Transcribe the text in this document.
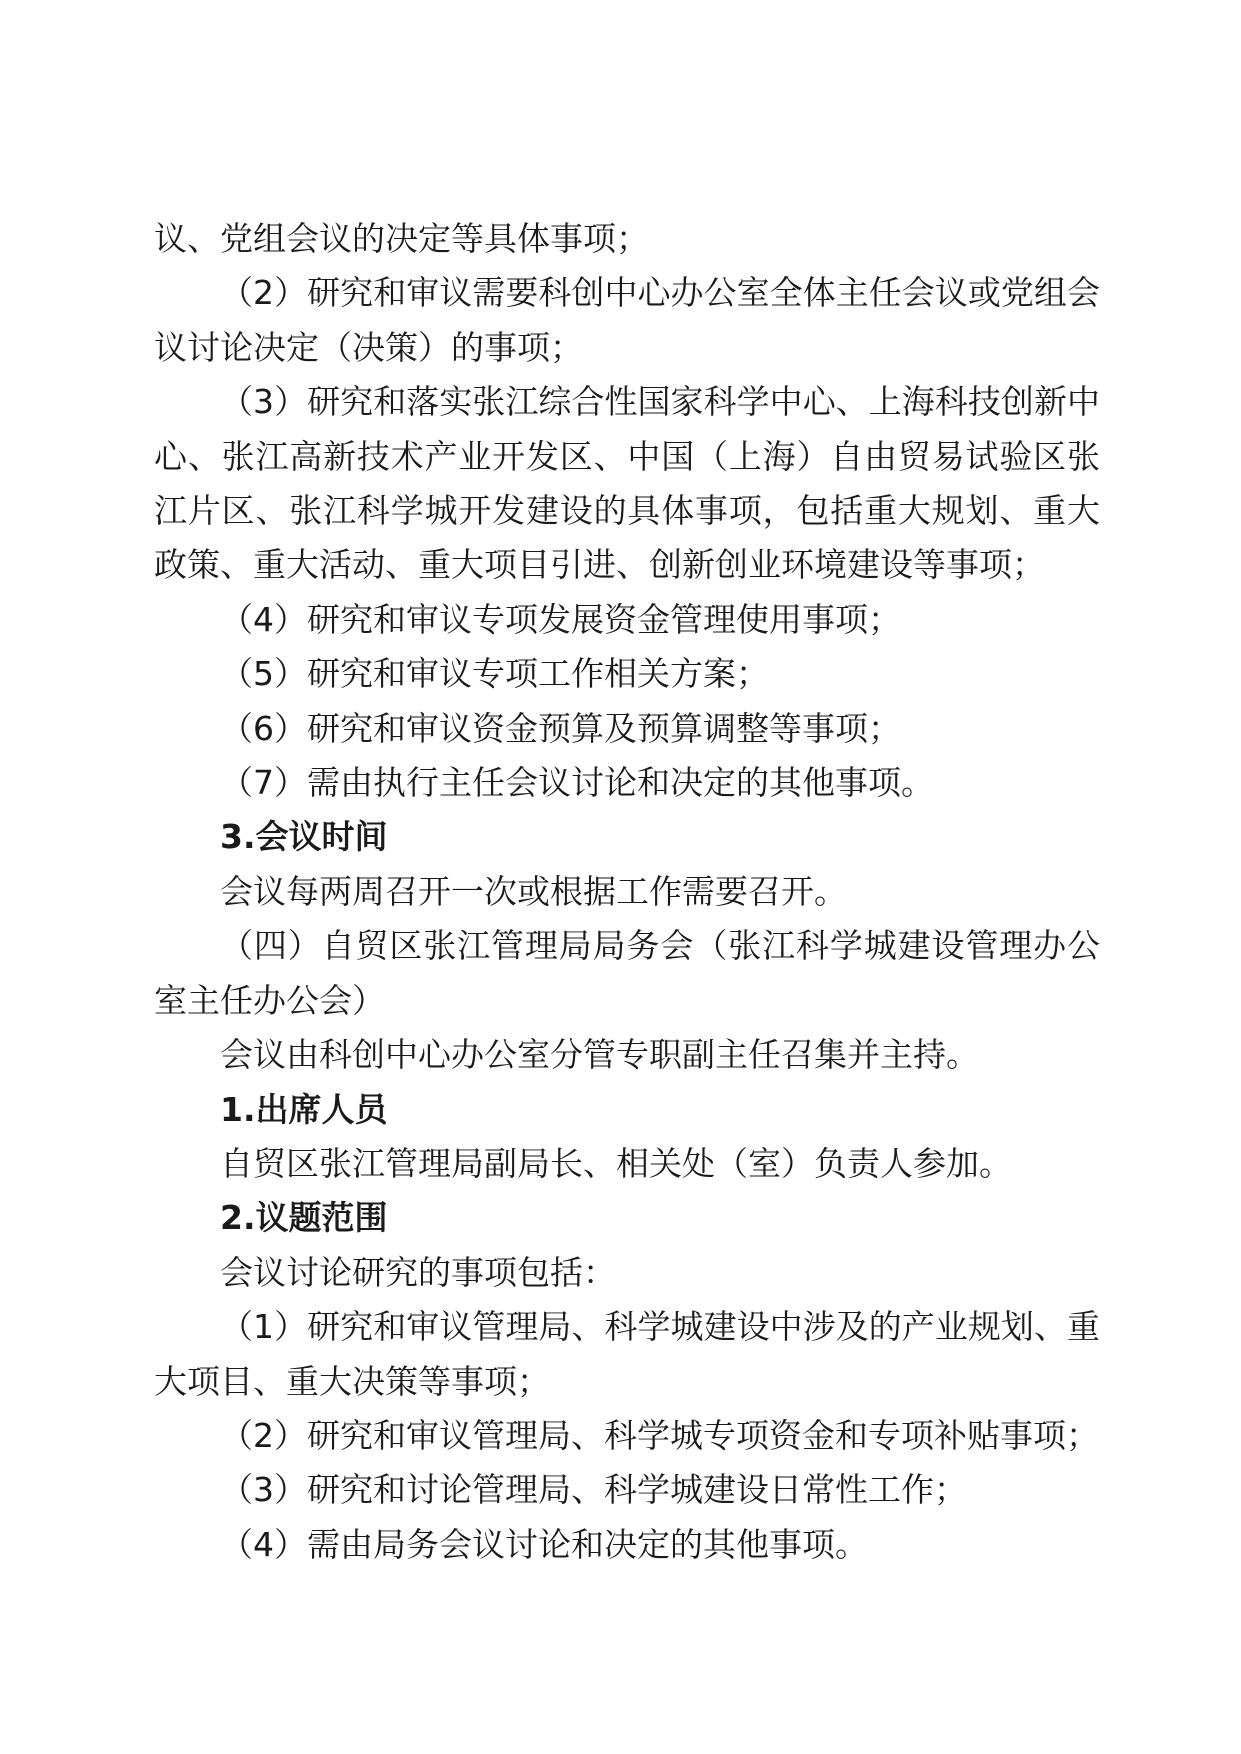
议、党组会议的决定等具体事项；

（2）研究和审议需要科创中心办公室全体主任会议或党组会议讨论决定（决策）的事项；

（3）研究和落实张江综合性国家科学中心、上海科技创新中心、张江高新技术产业开发区、中国（上海）自由贸易试验区张江片区、张江科学城开发建设的具体事项，包括重大规划、重大政策、重大活动、重大项目引进、创新创业环境建设等事项；

（4）研究和审议专项发展资金管理使用事项；

（5）研究和审议专项工作相关方案；

（6）研究和审议资金预算及预算调整等事项；

（7）需由执行主任会议讨论和决定的其他事项。

3.会议时间

会议每两周召开一次或根据工作需要召开。

（四）自贸区张江管理局局务会（张江科学城建设管理办公室主任办公会）

会议由科创中心办公室分管专职副主任召集并主持。

1.出席人员

自贸区张江管理局副局长、相关处（室）负责人参加。

2.议题范围

会议讨论研究的事项包括：

（1）研究和审议管理局、科学城建设中涉及的产业规划、重大项目、重大决策等事项；

（2）研究和审议管理局、科学城专项资金和专项补贴事项；

（3）研究和讨论管理局、科学城建设日常性工作；

（4）需由局务会议讨论和决定的其他事项。
